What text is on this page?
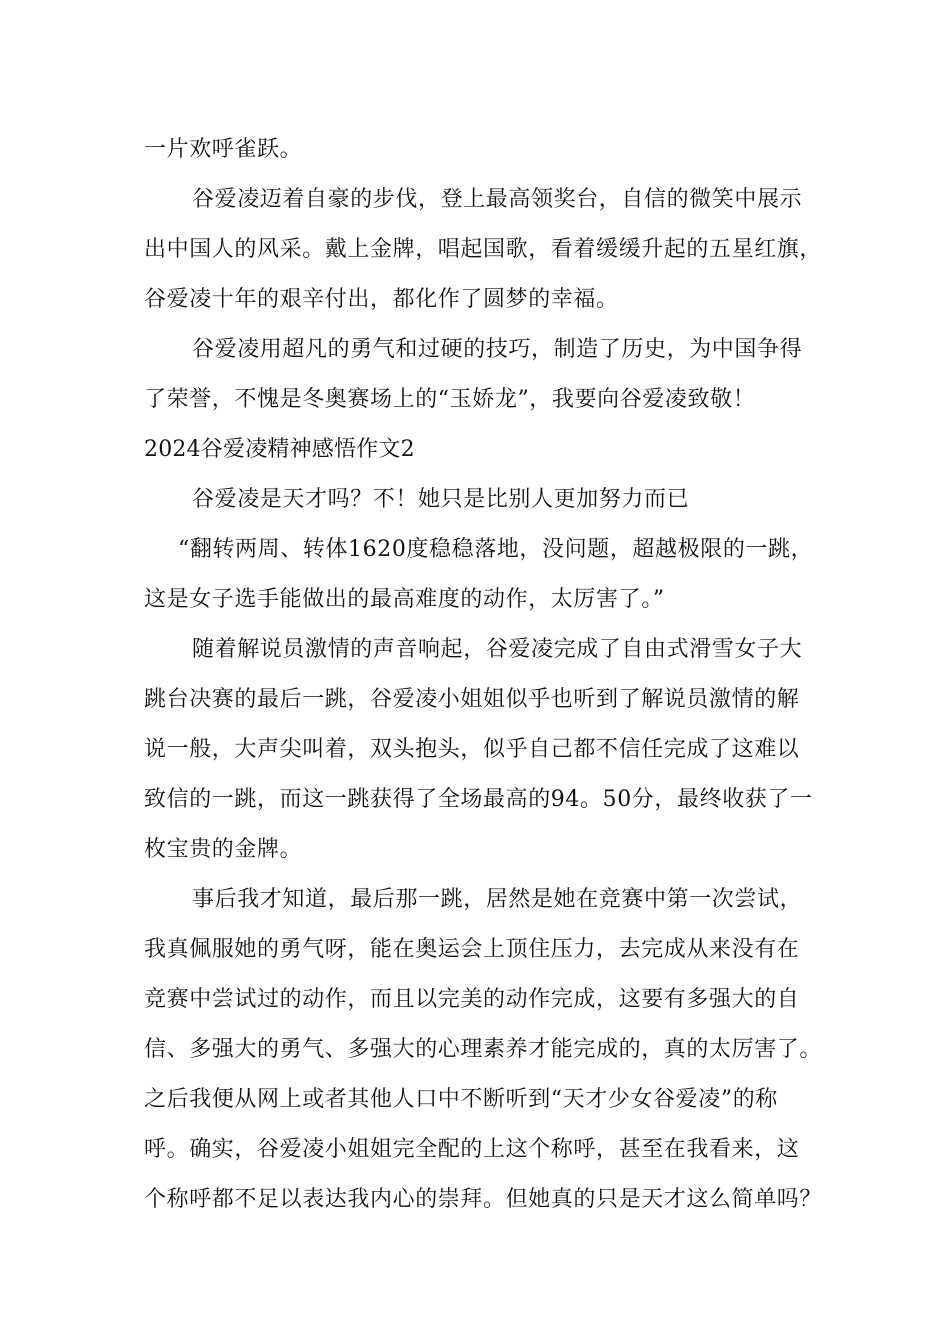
一片欢呼雀跃。
谷爱凌迈着自豪的步伐，登上最高领奖台，自信的微笑中展示
出中国人的风采。戴上金牌，唱起国歌，看着缓缓升起的五星红旗，
谷爱凌十年的艰辛付出，都化作了圆梦的幸福。
谷爱凌用超凡的勇气和过硬的技巧，制造了历史，为中国争得
了荣誉，不愧是冬奥赛场上的“玉娇龙”，我要向谷爱凌致敬！
2024谷爱凌精神感悟作文2
谷爱凌是天才吗？不！她只是比别人更加努力而已
“翻转两周、转体1620度稳稳落地，没问题，超越极限的一跳，
这是女子选手能做出的最高难度的动作，太厉害了。”
随着解说员激情的声音响起，谷爱凌完成了自由式滑雪女子大
跳台决赛的最后一跳，谷爱凌小姐姐似乎也听到了解说员激情的解
说一般，大声尖叫着，双头抱头，似乎自己都不信任完成了这难以
致信的一跳，而这一跳获得了全场最高的94。50分，最终收获了一
枚宝贵的金牌。
事后我才知道，最后那一跳，居然是她在竞赛中第一次尝试，
我真佩服她的勇气呀，能在奥运会上顶住压力，去完成从来没有在
竞赛中尝试过的动作，而且以完美的动作完成，这要有多强大的自
信、多强大的勇气、多强大的心理素养才能完成的，真的太厉害了。
之后我便从网上或者其他人口中不断听到“天才少女谷爱凌”的称
呼。确实，谷爱凌小姐姐完全配的上这个称呼，甚至在我看来，这
个称呼都不足以表达我内心的崇拜。但她真的只是天才这么简单吗？
